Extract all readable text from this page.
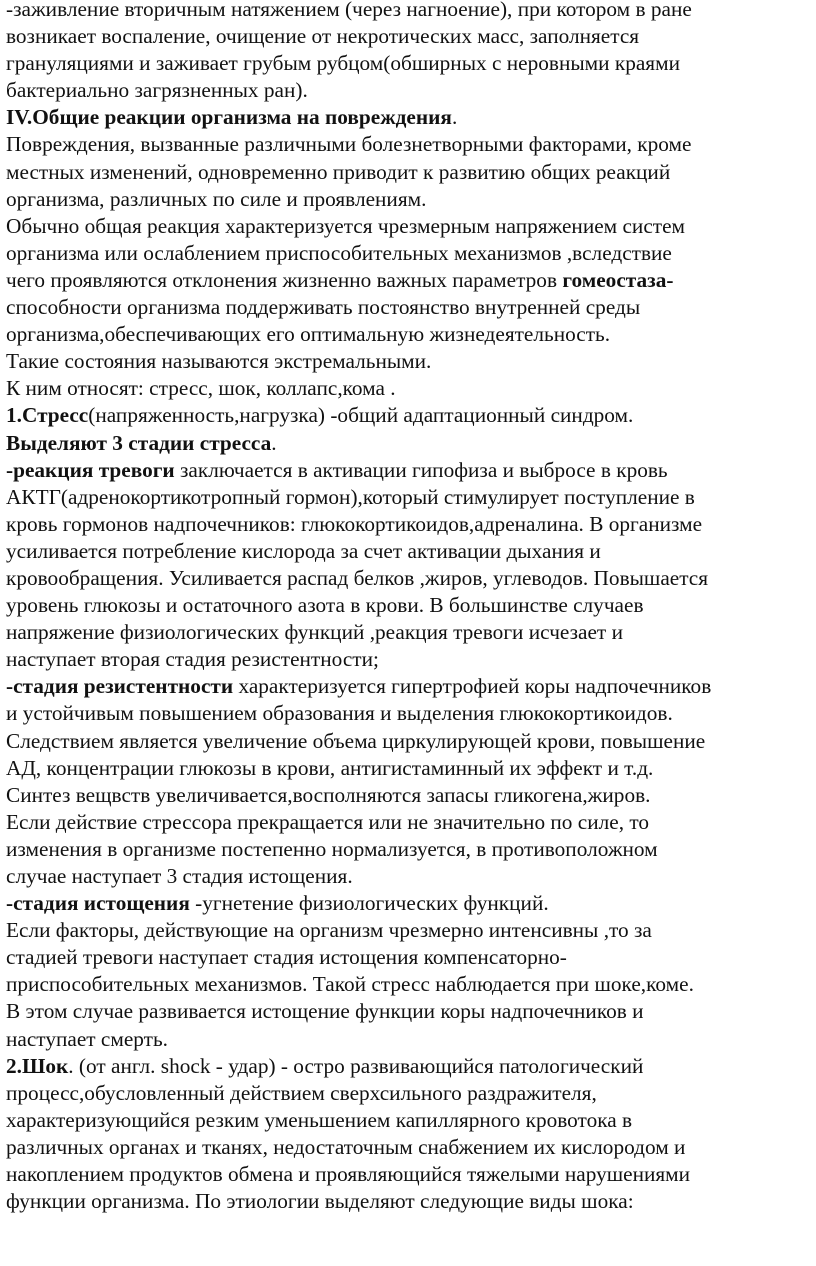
-заживление вторичным натяжением (через нагноение), при котором в ране
возникает воспаление, очищение от некротических масс, заполняется
грануляциями и заживает грубым рубцом(обширных с неровными краями
бактериально загрязненных ран).
IV.Общие реакции организма на повреждения.
Повреждения, вызванные различными болезнетворными факторами, кроме
местных изменений, одновременно приводит к развитию общих реакций
организма, различных по силе и проявлениям.
Обычно общая реакция характеризуется чрезмерным напряжением систем
организма или ослаблением приспособительных механизмов ,вследствие
чего проявляются отклонения жизненно важных параметров гомеостаза-
способности организма поддерживать постоянство внутренней среды
организма,обеспечивающих его оптимальную жизнедеятельность.
Такие состояния называются экстремальными.
К ним относят: стресс, шок, коллапс,кома .
1.Стресс(напряженность,нагрузка) -общий адаптационный синдром.
Выделяют 3 стадии стресса.
-реакция тревоги заключается в активации гипофиза и выбросе в кровь
АКТГ(адренокортикотропный гормон),который стимулирует поступление в
кровь гормонов надпочечников: глюкокортикоидов,адреналина. В организме
усиливается потребление кислорода за счет активации дыхания и
кровообращения. Усиливается распад белков ,жиров, углеводов. Повышается
уровень глюкозы и остаточного азота в крови. В большинстве случаев
напряжение физиологических функций ,реакция тревоги исчезает и
наступает вторая стадия резистентности;
-стадия резистентности характеризуется гипертрофией коры надпочечников
и устойчивым повышением образования и выделения глюкокортикоидов.
Следствием является увеличение объема циркулирующей крови, повышение
АД, концентрации глюкозы в крови, антигистаминный их эффект и т.д.
Синтез вещвств увеличивается,восполняются запасы гликогена,жиров.
Если действие стрессора прекращается или не значительно по силе, то
изменения в организме постепенно нормализуется, в противоположном
случае наступает 3 стадия истощения.
-стадия истощения -угнетение физиологических функций.
Если факторы, действующие на организм чрезмерно интенсивны ,то за
стадией тревоги наступает стадия истощения компенсаторно-
приспособительных механизмов. Такой стресс наблюдается при шоке,коме.
В этом случае развивается истощение функции коры надпочечников и
наступает смерть.
2.Шок. (от англ. shock - удар) - остро развивающийся патологический
процесс,обусловленный действием сверхсильного раздражителя,
характеризующийся резким уменьшением капиллярного кровотока в
различных органах и тканях, недостаточным снабжением их кислородом и
накоплением продуктов обмена и проявляющийся тяжелыми нарушениями
функции организма. По этиологии выделяют следующие виды шока:
